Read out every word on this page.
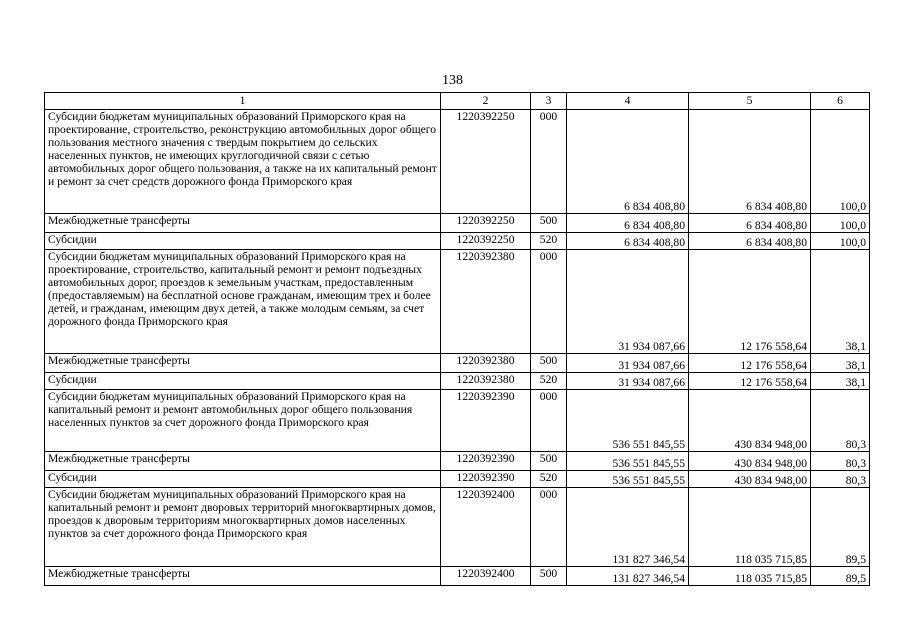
138
1	2	3	4	5	6
Субсидии бюджетам муниципальных образований Приморского края на проектирование, строительство, реконструкцию автомобильных дорог общего пользования местного значения с твердым покрытием до сельских населенных пунктов, не имеющих круглогодичной связи с сетью автомобильных дорог общего пользования, а также на их капитальный ремонт и ремонт за счет средств дорожного фонда Приморского края	1220392250	000	6 834 408,80	6 834 408,80	100,0

Межбюджетные трансферты	1220392250	500	6 834 408,80	6 834 408,80	100,0

Субсидии	1220392250	520	6 834 408,80	6 834 408,80	100,0

Субсидии бюджетам муниципальных образований Приморского края на проектирование, строительство, капитальный ремонт и ремонт подъездных автомобильных дорог, проездов к земельным участкам, предоставленным (предоставляемым) на бесплатной основе гражданам, имеющим трех и более детей, и гражданам, имеющим двух детей, а также молодым семьям, за счет дорожного фонда Приморского края	1220392380	000	31 934 087,66	12 176 558,64	38,1

Межбюджетные трансферты	1220392380	500	31 934 087,66	12 176 558,64	38,1

Субсидии	1220392380	520	31 934 087,66	12 176 558,64	38,1

Субсидии бюджетам муниципальных образований Приморского края на капитальный ремонт и ремонт автомобильных дорог общего пользования населенных пунктов за счет дорожного фонда Приморского края	1220392390	000	536 551 845,55	430 834 948,00	80,3

Межбюджетные трансферты	1220392390	500	536 551 845,55	430 834 948,00	80,3

Субсидии	1220392390	520	536 551 845,55	430 834 948,00	80,3

Субсидии бюджетам муниципальных образований Приморского края на капитальный ремонт и ремонт дворовых территорий многоквартирных домов, проездов к дворовым территориям многоквартирных домов населенных пунктов за счет дорожного фонда Приморского края	1220392400	000	131 827 346,54	118 035 715,85	89,5

Межбюджетные трансферты	1220392400	500	131 827 346,54	118 035 715,85	89,5
